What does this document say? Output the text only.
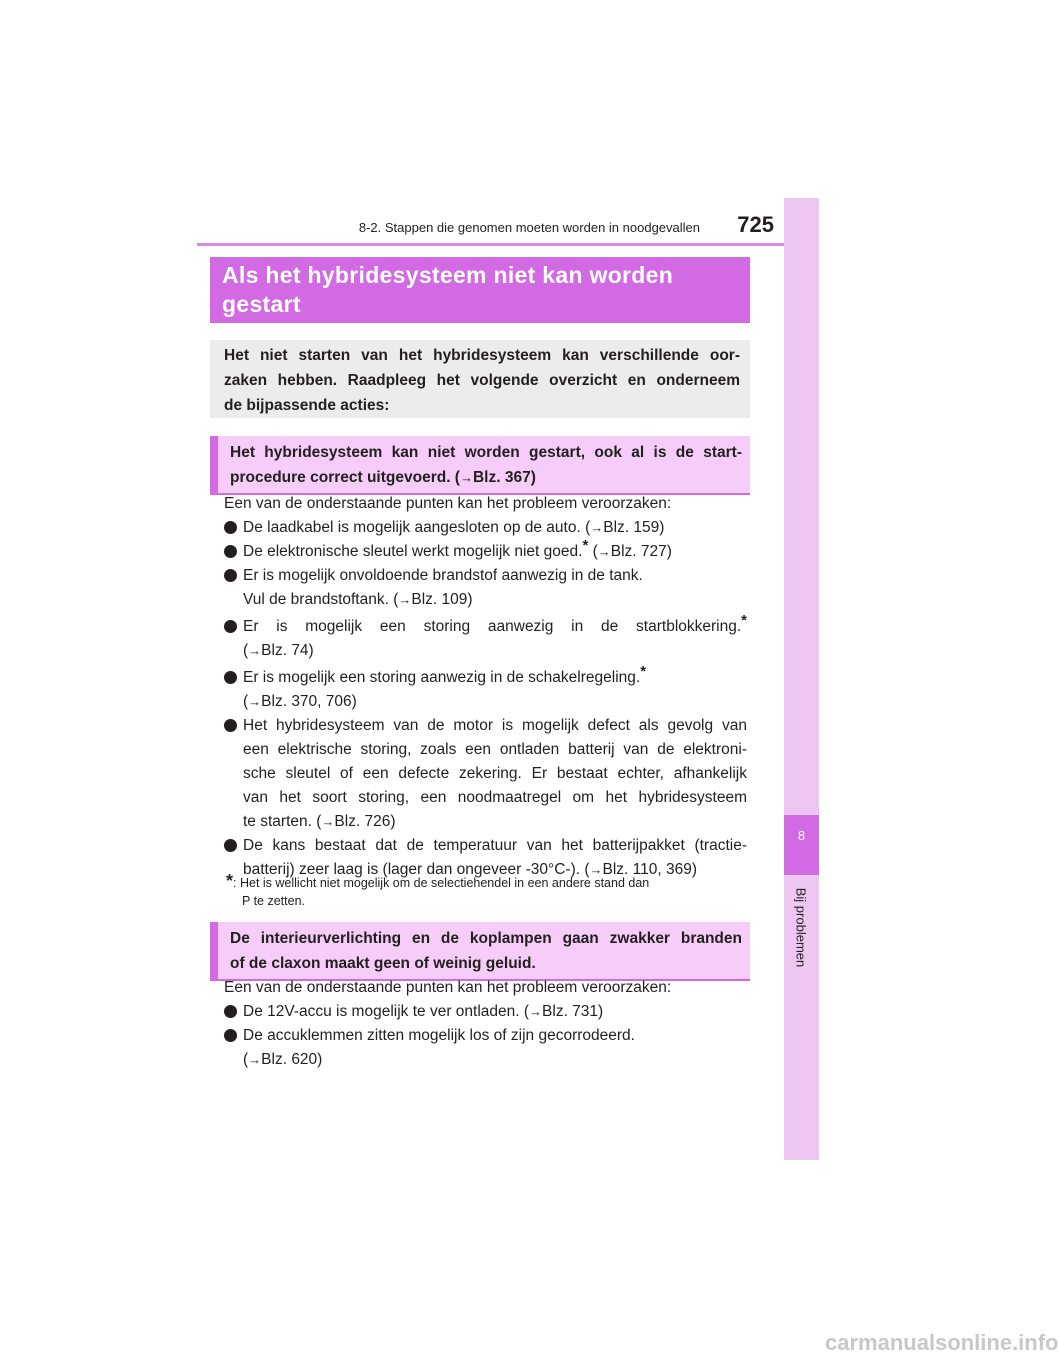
8-2. Stappen die genomen moeten worden in noodgevallen	725
8
Bij problemen
Als het hybridesysteem niet kan worden
gestart
Het niet starten van het hybridesysteem kan verschillende oor-
zaken hebben. Raadpleeg het volgende overzicht en onderneem
de bijpassende acties:
Het hybridesysteem kan niet worden gestart, ook al is de start-
procedure correct uitgevoerd. (→Blz. 367)
Een van de onderstaande punten kan het probleem veroorzaken:
De laadkabel is mogelijk aangesloten op de auto. (→Blz. 159)
De elektronische sleutel werkt mogelijk niet goed.* (→Blz. 727)
Er is mogelijk onvoldoende brandstof aanwezig in de tank.
Vul de brandstoftank. (→Blz. 109)
Er is mogelijk een storing aanwezig in de startblokkering.*
(→Blz. 74)
Er is mogelijk een storing aanwezig in de schakelregeling.*
(→Blz. 370, 706)
Het hybridesysteem van de motor is mogelijk defect als gevolg van
een elektrische storing, zoals een ontladen batterij van de elektroni-
sche sleutel of een defecte zekering. Er bestaat echter, afhankelijk
van het soort storing, een noodmaatregel om het hybridesysteem
te starten. (→Blz. 726)
De kans bestaat dat de temperatuur van het batterijpakket (tractie-
batterij) zeer laag is (lager dan ongeveer -30°C-). (→Blz. 110, 369)
*: Het is wellicht niet mogelijk om de selectiehendel in een andere stand dan
P te zetten.
De interieurverlichting en de koplampen gaan zwakker branden
of de claxon maakt geen of weinig geluid.
Een van de onderstaande punten kan het probleem veroorzaken:
De 12V-accu is mogelijk te ver ontladen. (→Blz. 731)
De accuklemmen zitten mogelijk los of zijn gecorrodeerd.
(→Blz. 620)
carmanualsonline.info
